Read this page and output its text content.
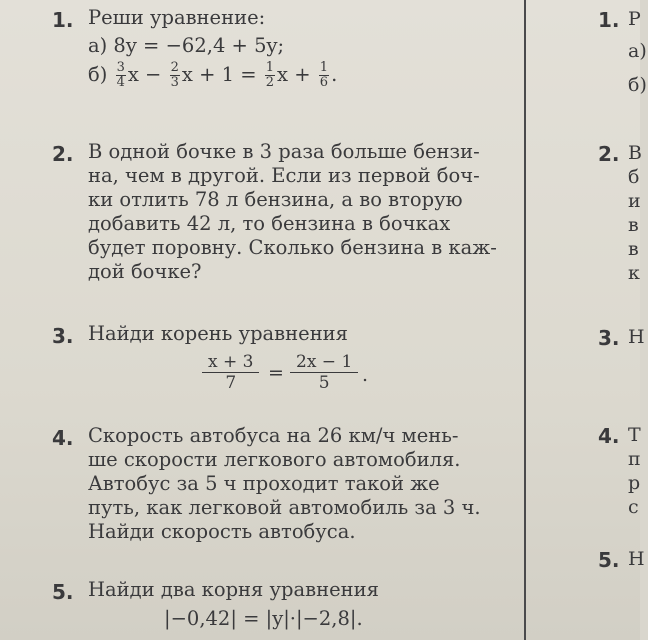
1. Реши уравнение:
а) 8y = −62,4 + 5y;
$б) \frac{3}{4}$ $x - \frac{2}{3}$ $x + 1 = \frac{1}{2}$ $x + \frac{1}{6}$ .
2. В одной бочке в 3 раза больше бензи-
на, чем в другой. Если из первой боч-
ки отлить 78 л бензина, а во вторую
добавить 42 л, то бензина в бочках
будет поровну. Сколько бензина в каж-
дой бочке?
3. Найди корень уравнения
x + 3
7	= 2x − 1
5	.
4. Скорость автобуса на 26 км/ч мень-
ше скорости легкового автомобиля.
Автобус за 5 ч проходит такой же
путь, как легковой автомобиль за 3 ч.
Найди скорость автобуса.
5. Найди два корня уравнения
|−0,42| = |y|·|−2,8|.
1. Р
а)
б)
2. В
б
и
в
в
к
3. Н
4. Т
п
р
с
5. Н
